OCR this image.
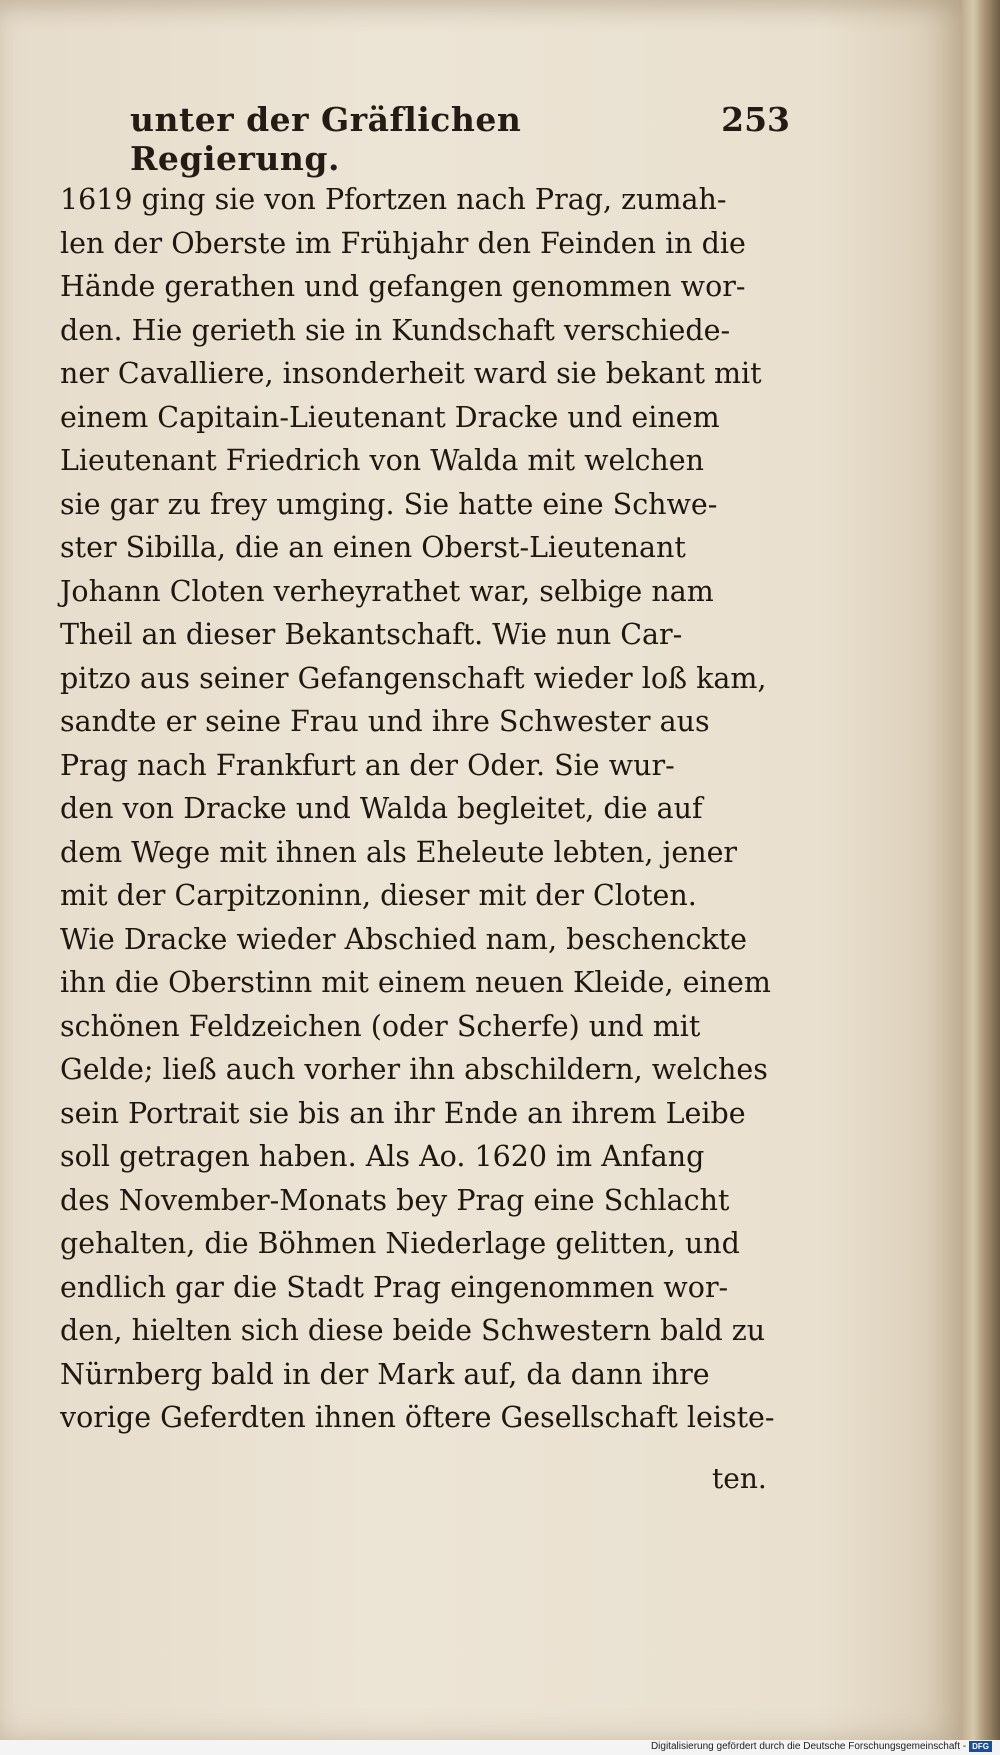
unter der Gräflichen Regierung.
253
1619 ging sie von Pfortzen nach Prag, zumah-
len der Oberste im Frühjahr den Feinden in die
Hände gerathen und gefangen genommen wor-
den. Hie gerieth sie in Kundschaft verschiede-
ner Cavalliere, insonderheit ward sie bekant mit
einem Capitain-Lieutenant Dracke und einem
Lieutenant Friedrich von Walda mit welchen
sie gar zu frey umging. Sie hatte eine Schwe-
ster Sibilla, die an einen Oberst-Lieutenant
Johann Cloten verheyrathet war, selbige nam
Theil an dieser Bekantschaft. Wie nun Car-
pitzo aus seiner Gefangenschaft wieder loß kam,
sandte er seine Frau und ihre Schwester aus
Prag nach Frankfurt an der Oder. Sie wur-
den von Dracke und Walda begleitet, die auf
dem Wege mit ihnen als Eheleute lebten, jener
mit der Carpitzoninn, dieser mit der Cloten.
Wie Dracke wieder Abschied nam, beschenckte
ihn die Oberstinn mit einem neuen Kleide, einem
schönen Feldzeichen (oder Scherfe) und mit
Gelde; ließ auch vorher ihn abschildern, welches
sein Portrait sie bis an ihr Ende an ihrem Leibe
soll getragen haben. Als Ao. 1620 im Anfang
des November-Monats bey Prag eine Schlacht
gehalten, die Böhmen Niederlage gelitten, und
endlich gar die Stadt Prag eingenommen wor-
den, hielten sich diese beide Schwestern bald zu
Nürnberg bald in der Mark auf, da dann ihre
vorige Geferdten ihnen öftere Gesellschaft leiste-
ten.
Digitalisierung gefördert durch die Deutsche Forschungsgemeinschaft - DFG
